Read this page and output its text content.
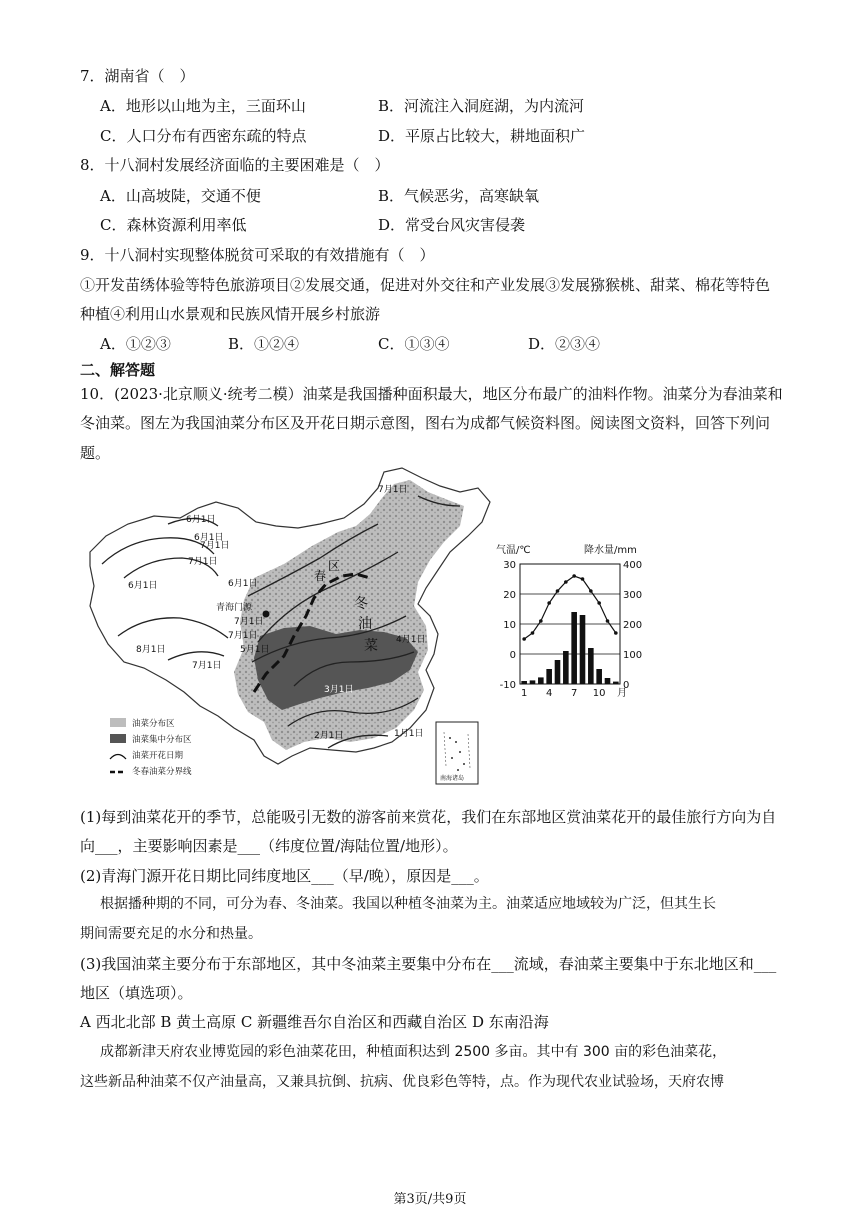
7．湖南省（　）
A．地形以山地为主，三面环山	B．河流注入洞庭湖，为内流河
C．人口分布有西密东疏的特点	D．平原占比较大，耕地面积广
8．十八洞村发展经济面临的主要困难是（　）
A．山高坡陡，交通不便	B．气候恶劣，高寒缺氧
C．森林资源利用率低	D．常受台风灾害侵袭
9．十八洞村实现整体脱贫可采取的有效措施有（　）
①开发苗绣体验等特色旅游项目②发展交通，促进对外交往和产业发展③发展猕猴桃、甜菜、棉花等特色
种植④利用山水景观和民族风情开展乡村旅游
A．①②③	B．①②④	C．①③④	D．②③④
二、解答题
10．(2023·北京顺义·统考二模）油菜是我国播种面积最大，地区分布最广的油料作物。油菜分为春油菜和
冬油菜。图左为我国油菜分布区及开花日期示意图，图右为成都气候资料图。阅读图文资料，回答下列问
题。
7月1日
6月1日
7月1日
6月1日
7月1日
6月1日	6月1日
青海门源
7月1日
7月1日
5月1日
8月1日
7月1日
冬
油
菜
春
区
4月1日
3月1日
2月1日	1月1日
南海诸岛
油菜分布区
油菜集中分布区
油菜开花日期
冬春油菜分界线
气温/℃	降水量/mm
-10
0
10
20
30
0
100
200
300
400
1 4 7 10 月
(1)每到油菜花开的季节，总能吸引无数的游客前来赏花，我们在东部地区赏油菜花开的最佳旅行方向为自
向___，主要影响因素是___（纬度位置/海陆位置/地形）。
(2)青海门源开花日期比同纬度地区___（早/晚），原因是___。
根据播种期的不同，可分为春、冬油菜。我国以种植冬油菜为主。油菜适应地域较为广泛，但其生长
期间需要充足的水分和热量。
(3)我国油菜主要分布于东部地区，其中冬油菜主要集中分布在___流域，春油菜主要集中于东北地区和___
地区（填选项）。
A 西北北部 B 黄土高原 C 新疆维吾尔自治区和西藏自治区 D 东南沿海
成都新津天府农业博览园的彩色油菜花田，种植面积达到 2500 多亩。其中有 300 亩的彩色油菜花，
这些新品种油菜不仅产油量高，又兼具抗倒、抗病、优良彩色等特，点。作为现代农业试验场，天府农博
第3页/共9页
